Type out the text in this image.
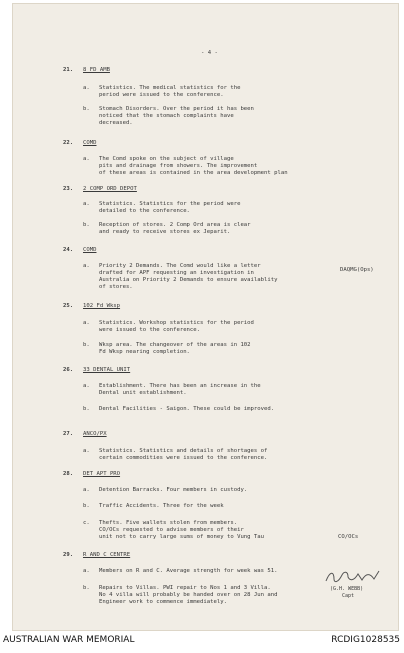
- 4 -
21. 8 FD AMB
a. Statistics. The medical statistics for the
period were issued to the conference.
b. Stomach Disorders. Over the period it has been
noticed that the stomach complaints have
decreased.
22. COMD
a. The Comd spoke on the subject of village
pits and drainage from showers. The improvement
of these areas is contained in the area development plan
23. 2 COMP ORD DEPOT
a. Statistics. Statistics for the period were
detailed to the conference.
b. Reception of stores. 2 Comp Ord area is clear
and ready to receive stores ex Jeparit.
24. COMD
a. Priority 2 Demands. The Comd would like a letter
drafted for APF requesting an investigation in
Australia on Priority 2 Demands to ensure availablity
of stores.
DAQMG(Ops)
25. 102 Fd Wksp
a. Statistics. Workshop statistics for the period
were issued to the conference.
b. Wksp area. The changeover of the areas in 102
Fd Wksp nearing completion.
26. 33 DENTAL UNIT
a. Establishment. There has been an increase in the
Dental unit establishment.
b. Dental Facilities - Saigon. These could be improved.
27. ANCO/PX
a. Statistics. Statistics and details of shortages of
certain commodities were issued to the conference.
28. DET APT PRO
a. Detention Barracks. Four members in custody.
b. Traffic Accidents. Three for the week
c. Thefts. Five wallets stolen from members.
CO/OCs requested to advise members of their
unit not to carry large sums of money to Vung Tau	CO/OCs
29. R AND C CENTRE
a. Members on R and C. Average strength for week was 51.
b. Repairs to Villas. PWI repair to Nos 1 and 3 Villa.
No 4 villa will probably be handed over on 28 Jun and
Engineer work to commence immediately.
(G.H. WEBB)
Capt
AUSTRALIAN WAR MEMORIAL	RCDIG1028535
